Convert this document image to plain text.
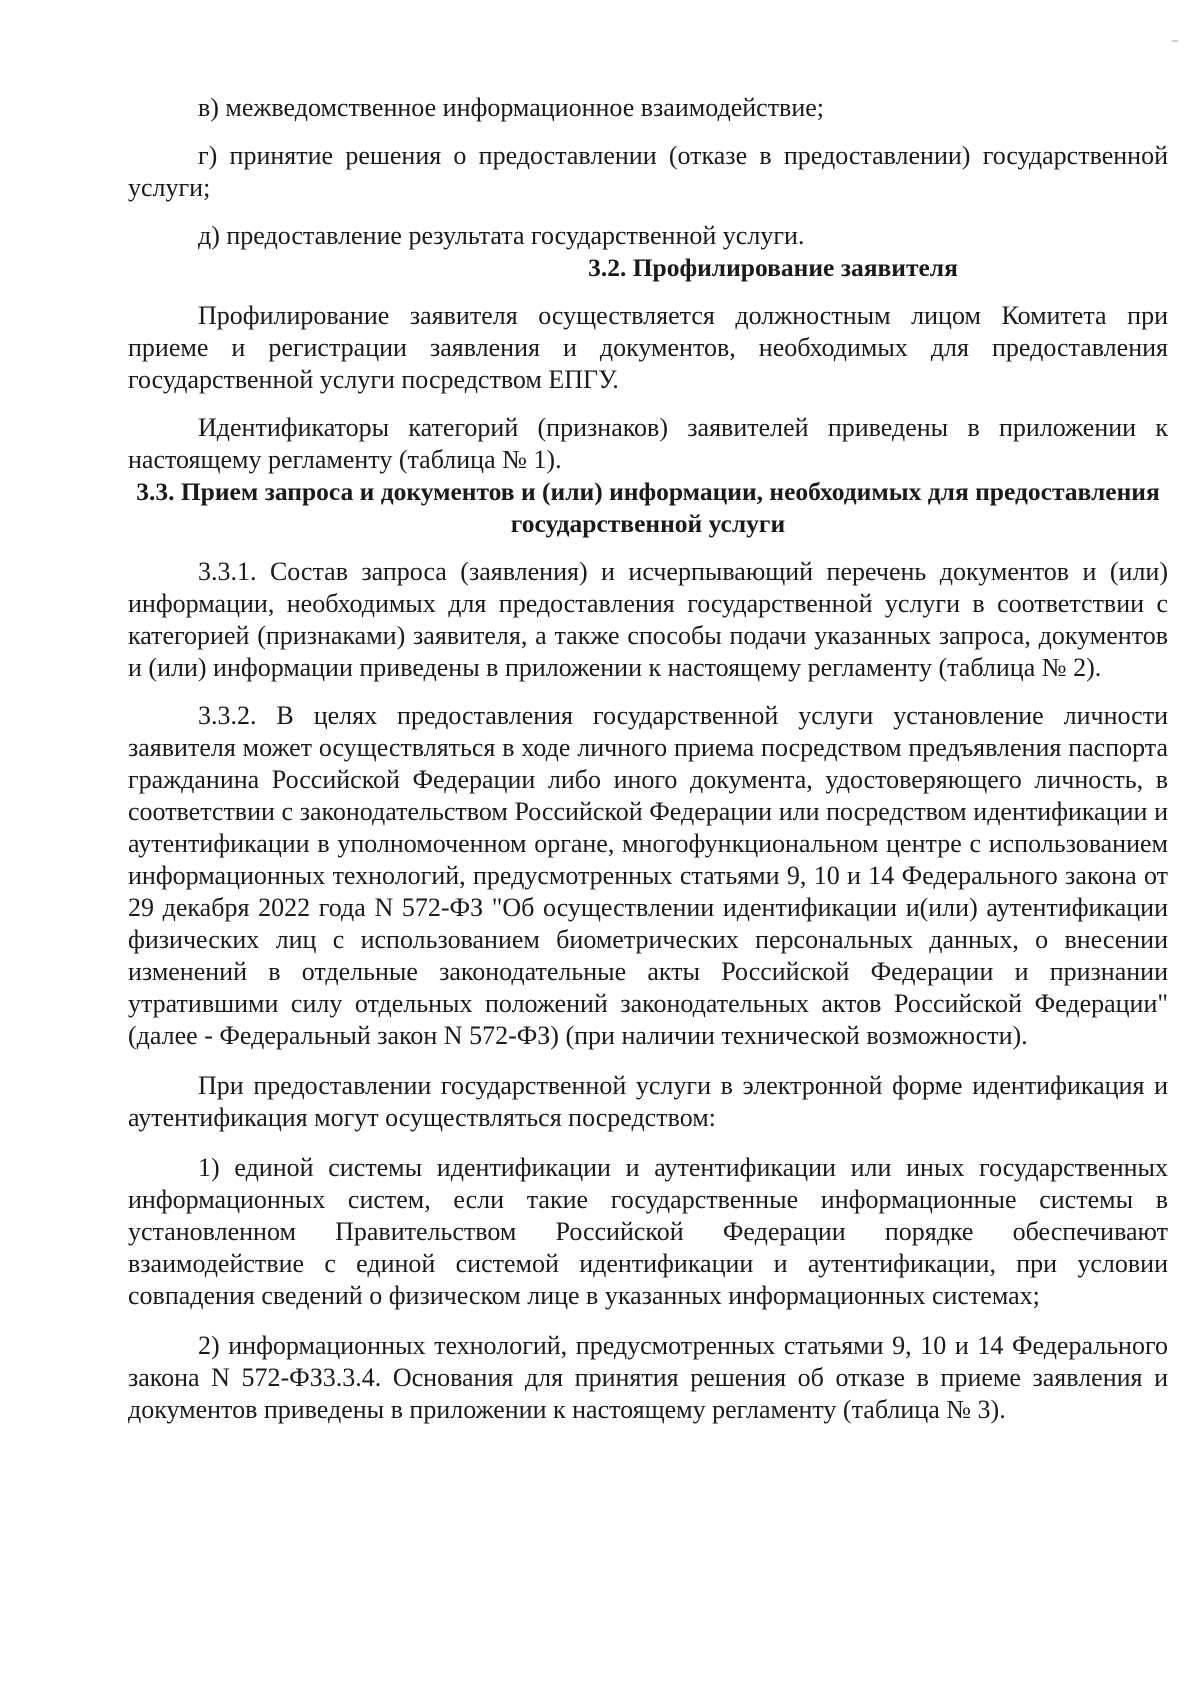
в) межведомственное информационное взаимодействие;

г) принятие решения о предоставлении (отказе в предоставлении) государственной услуги;

д) предоставление результата государственной услуги.

3.2. Профилирование заявителя

Профилирование заявителя осуществляется должностным лицом Комитета при приеме и регистрации заявления и документов, необходимых для предоставления государственной услуги посредством ЕПГУ.

Идентификаторы категорий (признаков) заявителей приведены в приложении к настоящему регламенту (таблица № 1).

3.3. Прием запроса и документов и (или) информации, необходимых для предоставления государственной услуги

3.3.1. Состав запроса (заявления) и исчерпывающий перечень документов и (или) информации, необходимых для предоставления государственной услуги в соответствии с категорией (признаками) заявителя, а также способы подачи указанных запроса, документов и (или) информации приведены в приложении к настоящему регламенту (таблица № 2).

3.3.2. В целях предоставления государственной услуги установление личности заявителя может осуществляться в ходе личного приема посредством предъявления паспорта гражданина Российской Федерации либо иного документа, удостоверяющего личность, в соответствии с законодательством Российской Федерации или посредством идентификации и аутентификации в уполномоченном органе, многофункциональном центре с использованием информационных технологий, предусмотренных статьями 9, 10 и 14 Федерального закона от 29 декабря 2022 года N 572-ФЗ "Об осуществлении идентификации и(или) аутентификации физических лиц с использованием биометрических персональных данных, о внесении изменений в отдельные законодательные акты Российской Федерации и признании утратившими силу отдельных положений законодательных актов Российской Федерации" (далее - Федеральный закон N 572-ФЗ) (при наличии технической возможности).

При предоставлении государственной услуги в электронной форме идентификация и аутентификация могут осуществляться посредством:

1) единой системы идентификации и аутентификации или иных государственных информационных систем, если такие государственные информационные системы в установленном Правительством Российской Федерации порядке обеспечивают взаимодействие с единой системой идентификации и аутентификации, при условии совпадения сведений о физическом лице в указанных информационных системах;

2) информационных технологий, предусмотренных статьями 9, 10 и 14 Федерального закона N 572-ФЗ3.3.4. Основания для принятия решения об отказе в приеме заявления и документов приведены в приложении к настоящему регламенту (таблица № 3).
